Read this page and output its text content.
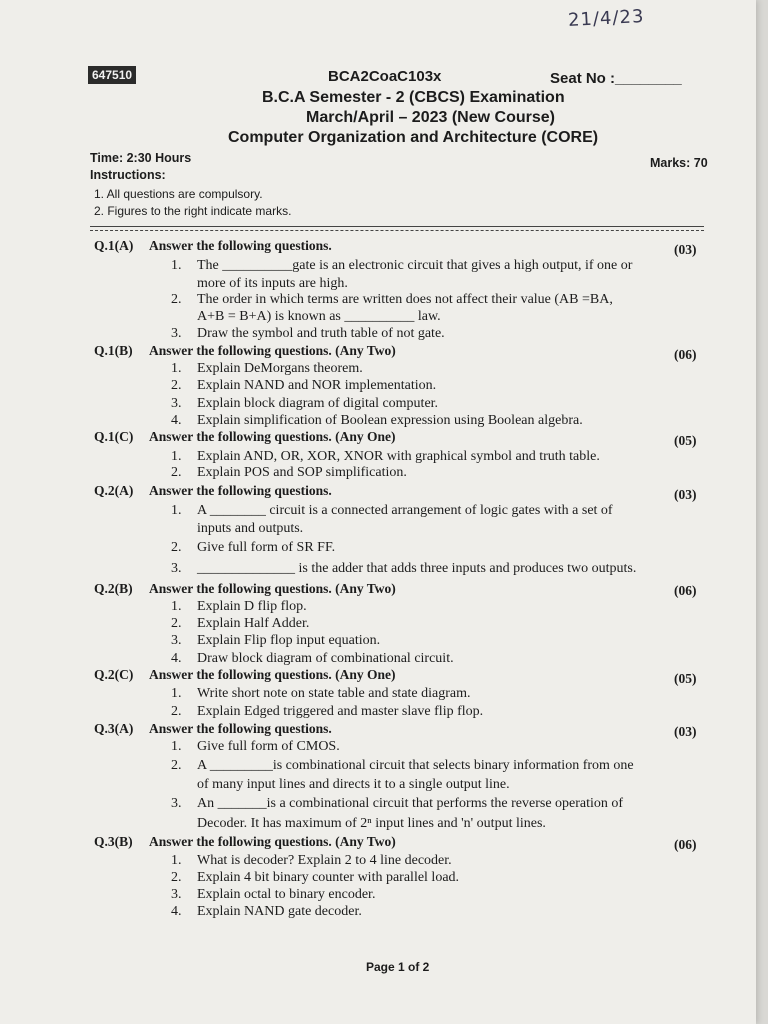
21/4/23
647510	BCA2CoaC103x	Seat No :________
B.C.A Semester - 2 (CBCS) Examination
March/April – 2023 (New Course)
Computer Organization and Architecture (CORE)
Time: 2:30 Hours	Marks: 70
Instructions:
1. All questions are compulsory.
2. Figures to the right indicate marks.
Q.1(A) Answer the following questions.	(03)
1. The __________gate is an electronic circuit that gives a high output, if one or
more of its inputs are high.
2. The order in which terms are written does not affect their value (AB =BA,
A+B = B+A) is known as __________ law.
3. Draw the symbol and truth table of not gate.
Q.1(B) Answer the following questions. (Any Two)	(06)
1. Explain DeMorgans theorem.
2. Explain NAND and NOR implementation.
3. Explain block diagram of digital computer.
4. Explain simplification of Boolean expression using Boolean algebra.
Q.1(C) Answer the following questions. (Any One)	(05)
1. Explain AND, OR, XOR, XNOR with graphical symbol and truth table.
2. Explain POS and SOP simplification.
Q.2(A) Answer the following questions.	(03)
1. A ________ circuit is a connected arrangement of logic gates with a set of
inputs and outputs.
2. Give full form of SR FF.
3. ______________ is the adder that adds three inputs and produces two outputs.
Q.2(B) Answer the following questions. (Any Two)	(06)
1. Explain D flip flop.
2. Explain Half Adder.
3. Explain Flip flop input equation.
4. Draw block diagram of combinational circuit.
Q.2(C) Answer the following questions. (Any One)	(05)
1. Write short note on state table and state diagram.
2. Explain Edged triggered and master slave flip flop.
Q.3(A) Answer the following questions.	(03)
1. Give full form of CMOS.
2. A _________is combinational circuit that selects binary information from one
of many input lines and directs it to a single output line.
3. An _______is a combinational circuit that performs the reverse operation of
Decoder. It has maximum of 2ⁿ input lines and 'n' output lines.
Q.3(B) Answer the following questions. (Any Two)	(06)
1. What is decoder? Explain 2 to 4 line decoder.
2. Explain 4 bit binary counter with parallel load.
3. Explain octal to binary encoder.
4. Explain NAND gate decoder.
Page 1 of 2
